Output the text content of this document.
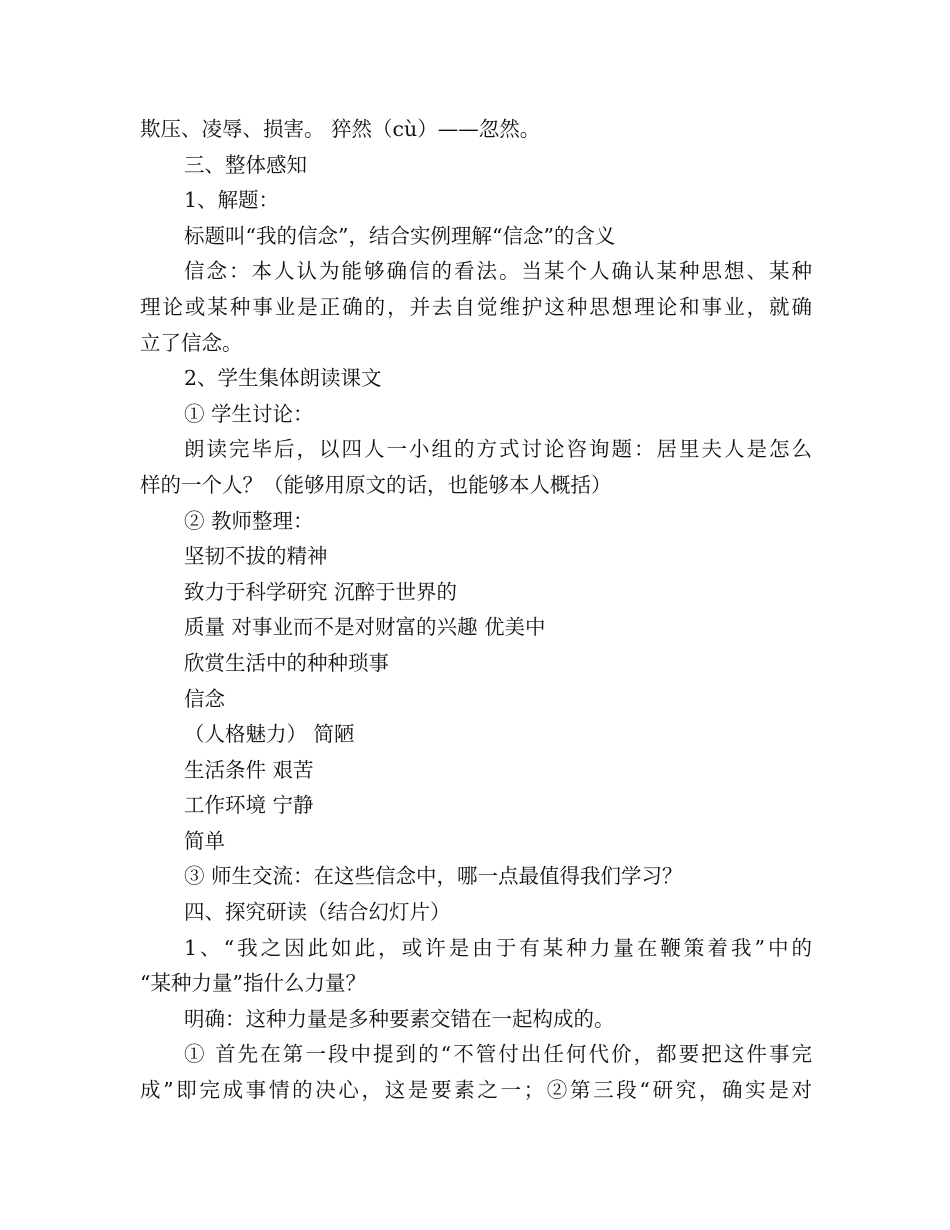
欺压、凌辱、损害。 猝然（cù）——忽然。
三、整体感知
1、解题：
标题叫“我的信念”，结合实例理解“信念”的含义
信念：本人认为能够确信的看法。当某个人确认某种思想、某种
理论或某种事业是正确的，并去自觉维护这种思想理论和事业，就确
立了信念。
2、学生集体朗读课文
① 学生讨论：
朗读完毕后，以四人一小组的方式讨论咨询题：居里夫人是怎么
样的一个人？（能够用原文的话，也能够本人概括）
② 教师整理：
坚韧不拔的精神
致力于科学研究 沉醉于世界的
质量 对事业而不是对财富的兴趣 优美中
欣赏生活中的种种琐事
信念
（人格魅力） 简陋
生活条件 艰苦
工作环境 宁静
简单
③ 师生交流：在这些信念中，哪一点最值得我们学习？
四、探究研读（结合幻灯片）
1、“我之因此如此，或许是由于有某种力量在鞭策着我”中的
“某种力量”指什么力量？
明确：这种力量是多种要素交错在一起构成的。
① 首先在第一段中提到的“不管付出任何代价，都要把这件事完
成”即完成事情的决心，这是要素之一；②第三段“研究，确实是对
